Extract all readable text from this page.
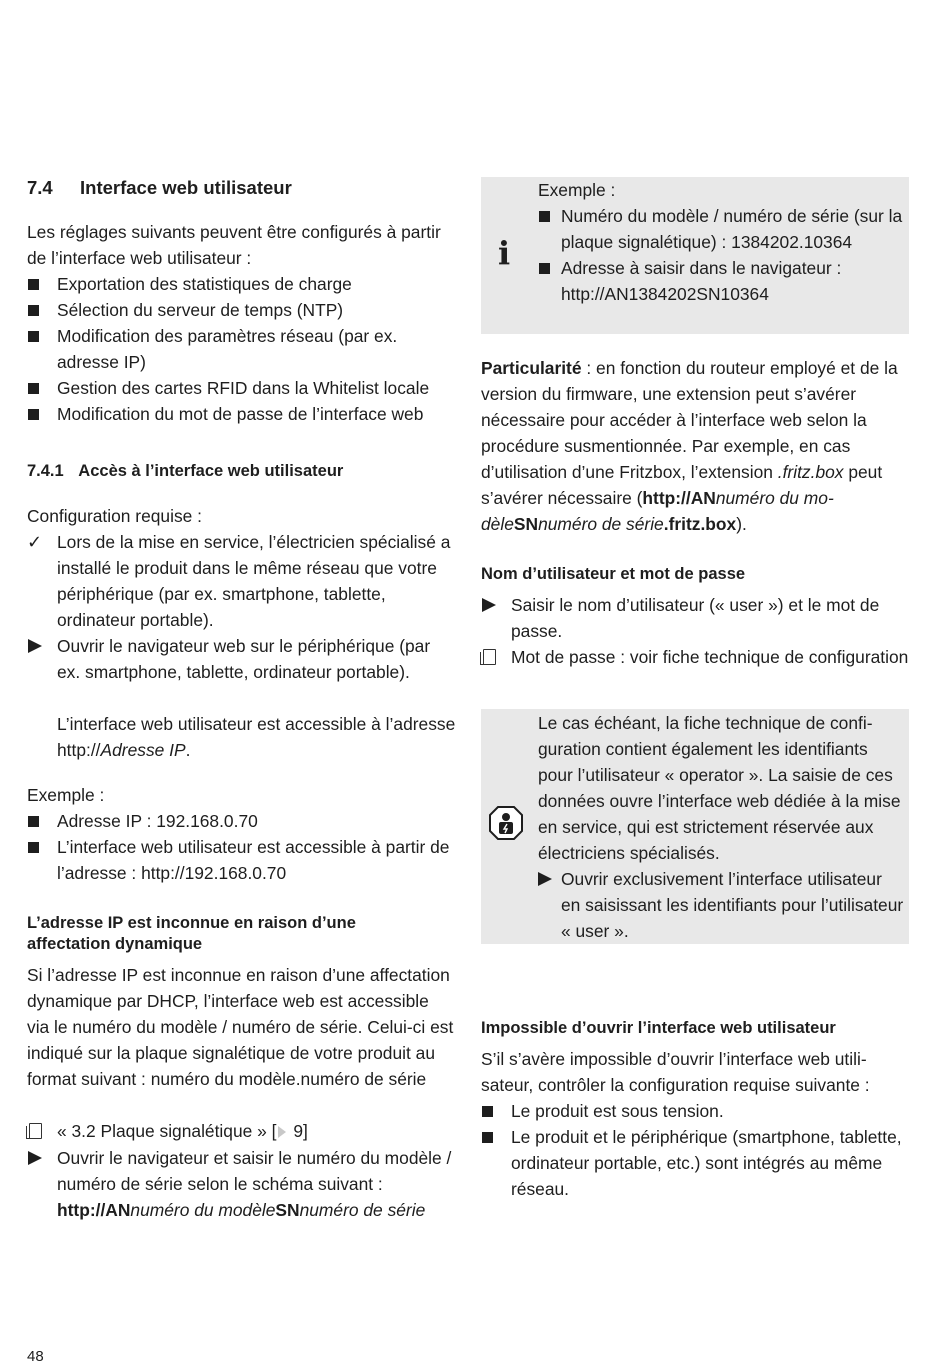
7.4 Interface web utilisateur

Les réglages suivants peuvent être configurés à partir de l’interface web utilisateur :

Exportation des statistiques de charge
Sélection du serveur de temps (NTP)
Modification des paramètres réseau (par ex. adresse IP)
Gestion des cartes RFID dans la Whitelist locale
Modification du mot de passe de l’interface web
7.4.1 Accès à l’interface web utilisateur

Configuration requise :

✓ Lors de la mise en service, l’électricien spécialisé a installé le produit dans le même réseau que votre périphérique (par ex. smartphone, tablette, ordinateur portable).
Ouvrir le navigateur web sur le périphérique (par ex. smartphone, tablette, ordinateur portable).

L’interface web utilisateur est accessible à l’adresse http://Adresse IP.

Exemple :

Adresse IP : 192.168.0.70
L’interface web utilisateur est accessible à partir de l’adresse : http://192.168.0.70
L’adresse IP est inconnue en raison d’une affectation dynamique

Si l’adresse IP est inconnue en raison d’une affectation dynamique par DHCP, l’interface web est accessible via le numéro du modèle / numéro de série. Celui-ci est indiqué sur la plaque signalétique de votre produit au format suivant : numéro du modèle.numéro de série

« 3.2 Plaque signalétique » [ 9]
Ouvrir le navigateur et saisir le numéro du modèle / numéro de série selon le schéma suivant : http://ANnuméro du modèleSNnuméro de série
48
i

Exemple :

Numéro du modèle / numéro de série (sur la plaque signalétique) : 1384202.10364
Adresse à saisir dans le navigateur : http://AN1384202SN10364

Particularité : en fonction du routeur employé et de la version du firmware, une extension peut s’avérer nécessaire pour accéder à l’interface web selon la procédure susmentionnée. Par exemple, en cas d’utilisation d’une Fritzbox, l’extension .fritz.box peut s’avérer nécessaire (http://ANnuméro du modèleSNnuméro de série.fritz.box).

Nom d’utilisateur et mot de passe
Saisir le nom d’utilisateur (« user ») et le mot de passe.
Mot de passe : voir fiche technique de configuration

Le cas échéant, la fiche technique de configuration contient également les identifiants pour l’utilisateur « operator ». La saisie de ces données ouvre l’interface web dédiée à la mise en service, qui est strictement réservée aux électriciens spécialisés.

Ouvrir exclusivement l’interface utilisateur en saisissant les identifiants pour l’utilisateur « user ».
Impossible d’ouvrir l’interface web utilisateur

S’il s’avère impossible d’ouvrir l’interface web utilisateur, contrôler la configuration requise suivante :

Le produit est sous tension.
Le produit et le périphérique (smartphone, tablette, ordinateur portable, etc.) sont intégrés au même réseau.
